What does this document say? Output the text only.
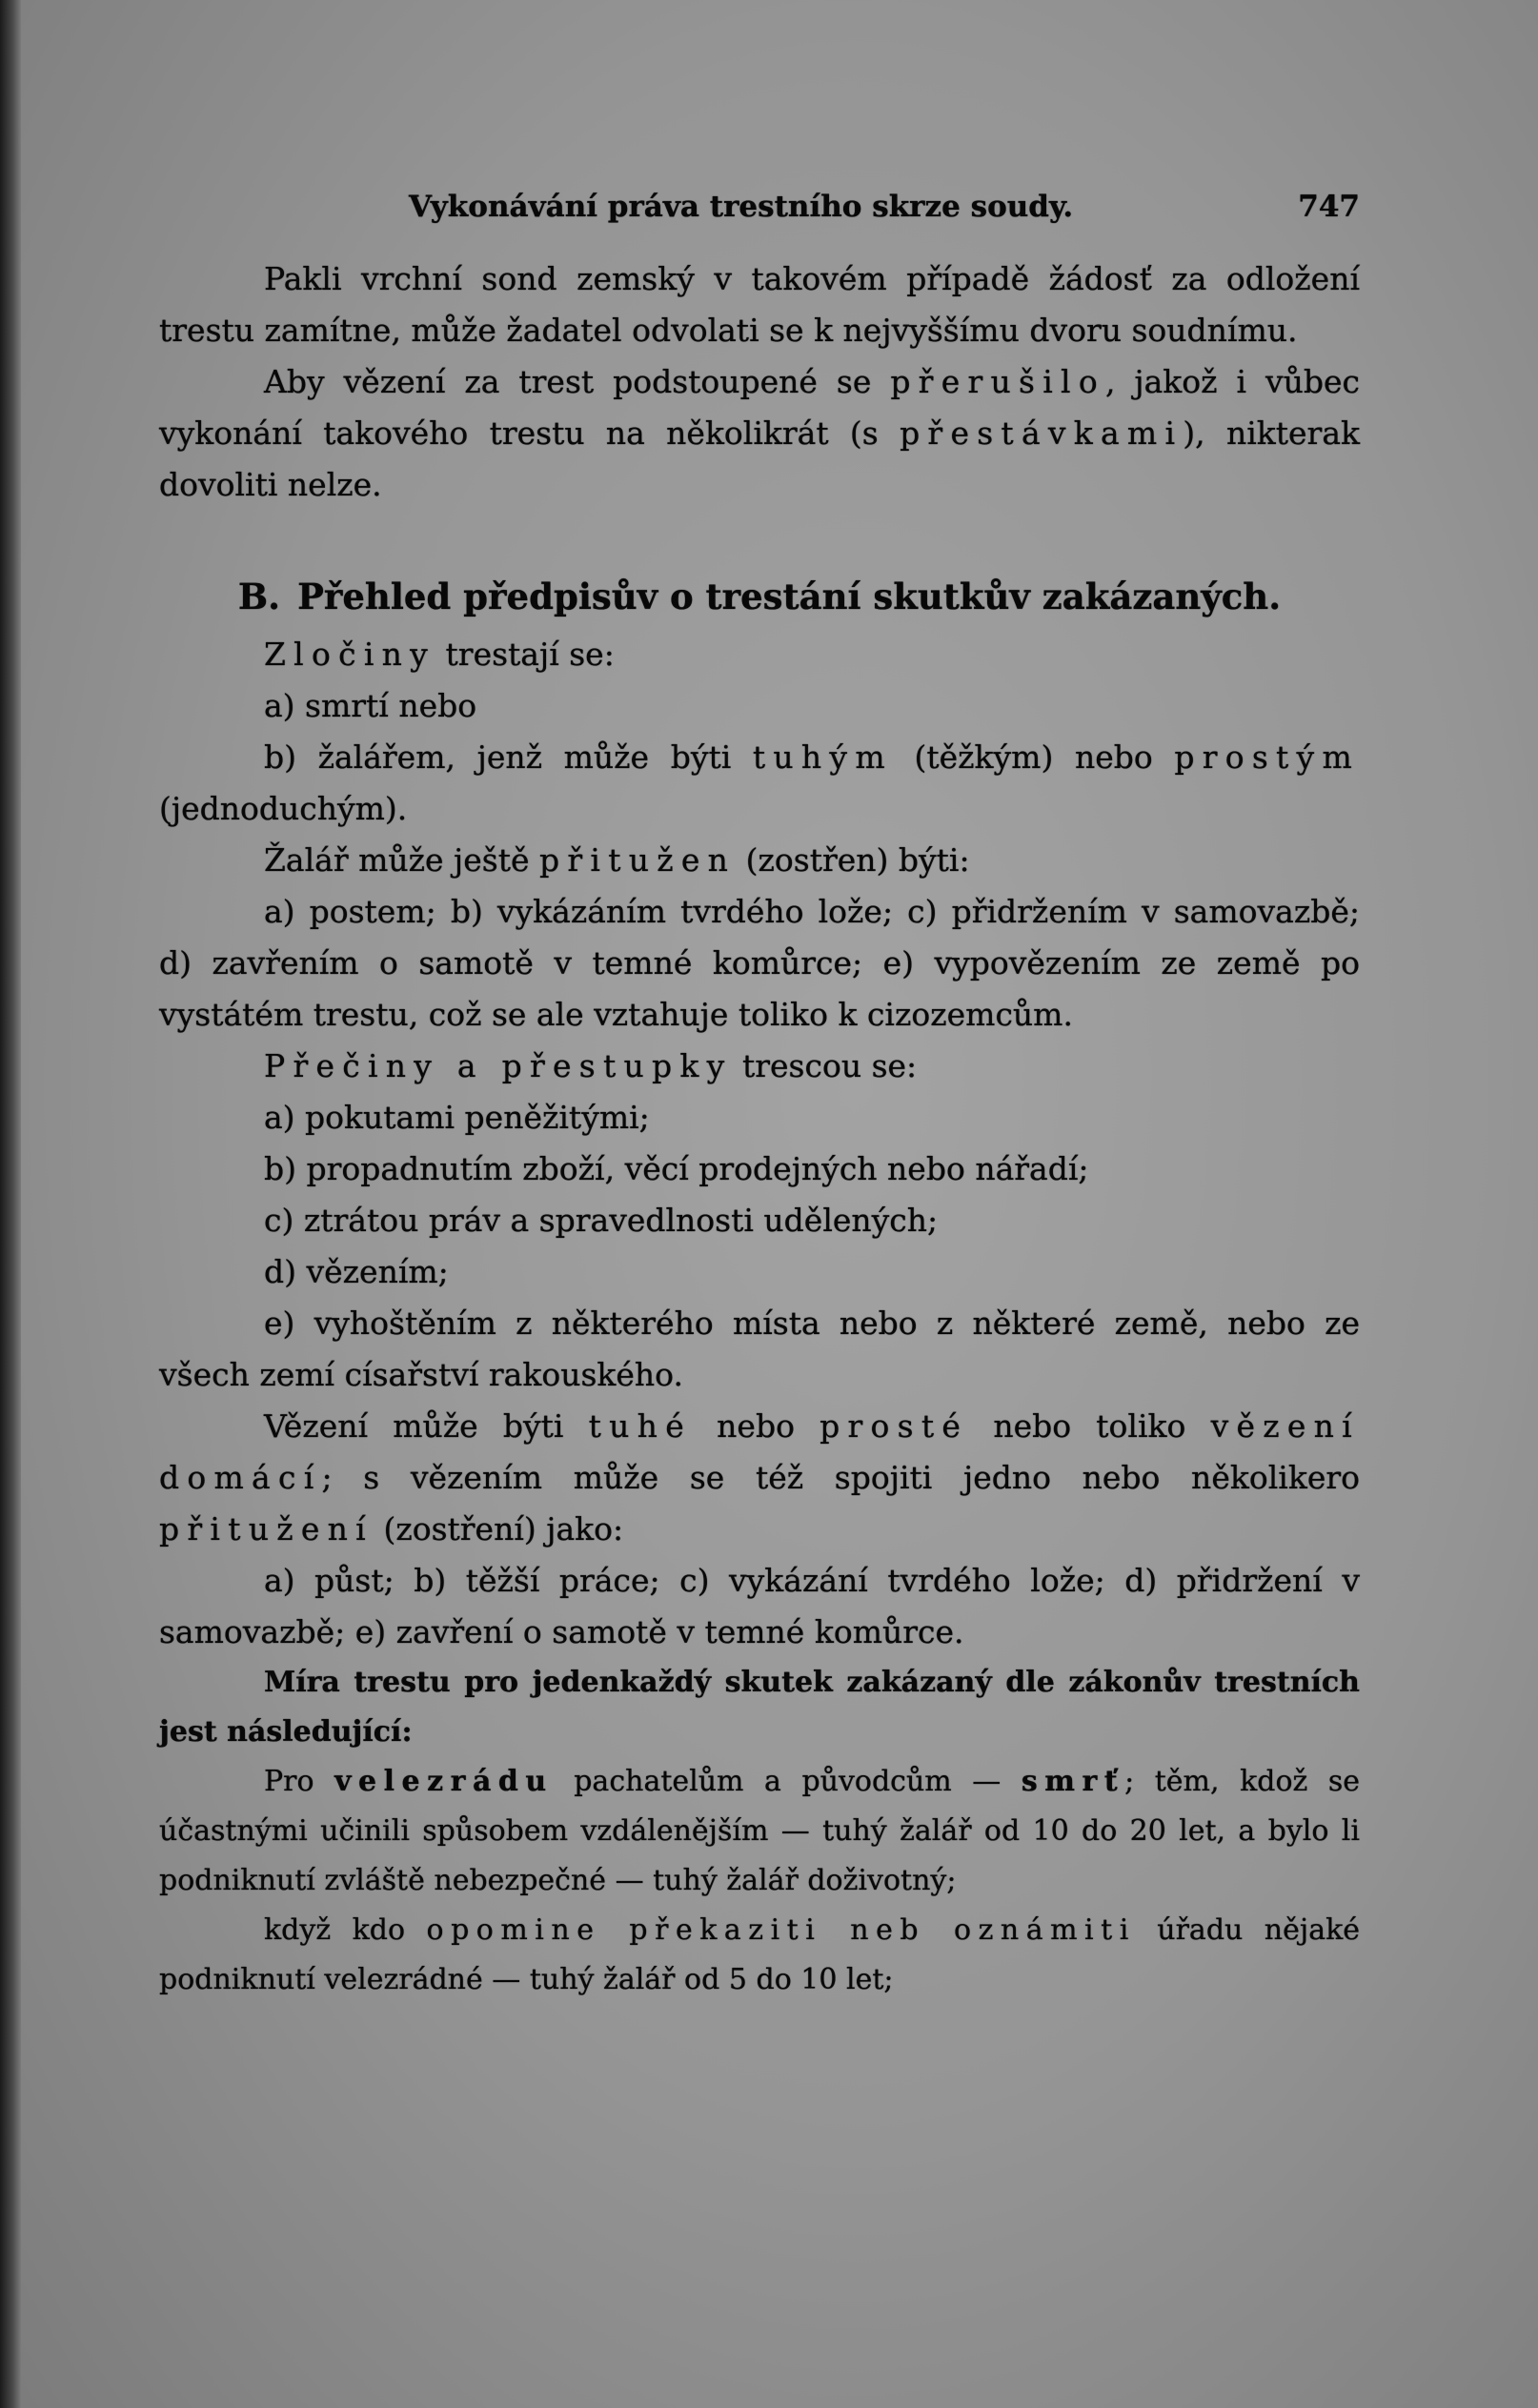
Vykonávání práva trestního skrze soudy.	747

Pakli vrchní sond zemský v takovém případě žádosť za odložení trestu zamítne, může žadatel odvolati se k nejvyššímu dvoru soudnímu.

Aby vězení za trest podstoupené se přerušilo, jakož i vůbec vykonání takového trestu na několikrát (s přestávkami), nikterak dovoliti nelze.

B. Přehled předpisův o trestání skutkův zakázaných.

Zločiny trestají se:

a) smrtí nebo

b) žalářem, jenž může býti tuhým (těžkým) nebo prostým (jednoduchým).

Žalář může ještě přitužen (zostřen) býti:

a) postem; b) vykázáním tvrdého lože; c) přidržením v samovazbě; d) zavřením o samotě v temné komůrce; e) vypovězením ze země po vystátém trestu, což se ale vztahuje toliko k cizozemcům.

Přečiny a přestupky trescou se:

a) pokutami peněžitými;

b) propadnutím zboží, věcí prodejných nebo nářadí;

c) ztrátou práv a spravedlnosti udělených;

d) vězením;

e) vyhoštěním z některého místa nebo z některé země, nebo ze všech zemí císařství rakouského.

Vězení může býti tuhé nebo prosté nebo toliko vězení domácí; s vězením může se též spojiti jedno nebo několikero přitužení (zostření) jako:

a) půst; b) těžší práce; c) vykázání tvrdého lože; d) přidržení v samovazbě; e) zavření o samotě v temné komůrce.

Míra trestu pro jedenkaždý skutek zakázaný dle zákonův trestních jest následující:

Pro velezrádu pachatelům a původcům — smrť; těm, kdož se účastnými učinili spůsobem vzdálenějším — tuhý žalář od 10 do 20 let, a bylo li podniknutí zvláště nebezpečné — tuhý žalář doživotný;

když kdo opomine překaziti neb oznámiti úřadu nějaké podniknutí velezrádné — tuhý žalář od 5 do 10 let;
